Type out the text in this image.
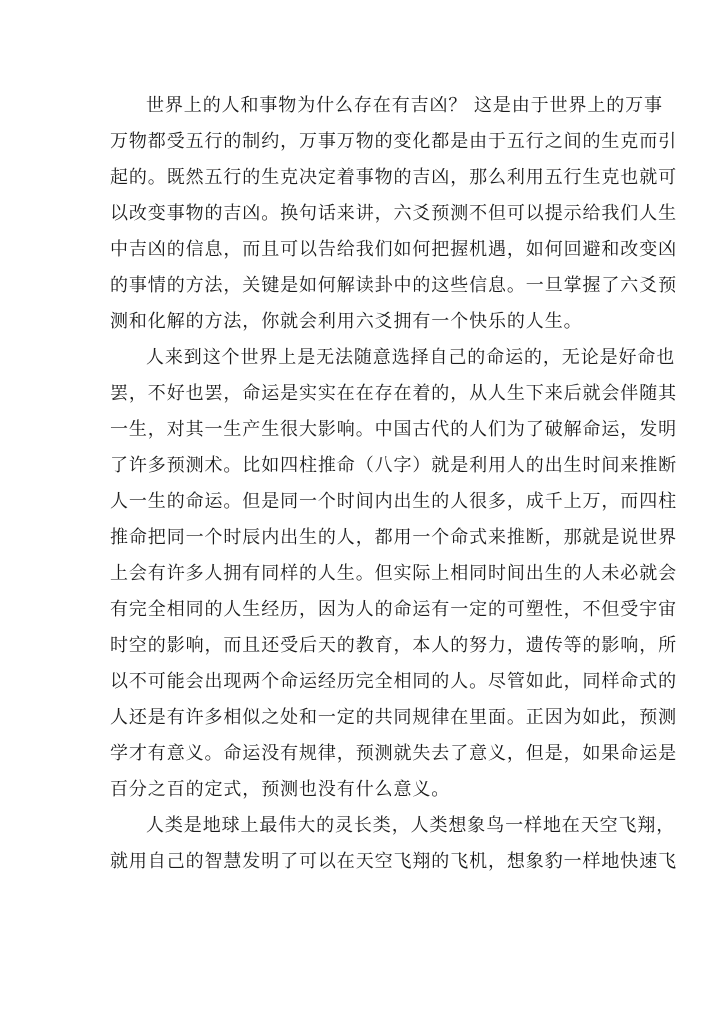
世界上的人和事物为什么存在有吉凶？ 这是由于世界上的万事
万物都受五行的制约，万事万物的变化都是由于五行之间的生克而引
起的。既然五行的生克决定着事物的吉凶，那么利用五行生克也就可
以改变事物的吉凶。换句话来讲，六爻预测不但可以提示给我们人生
中吉凶的信息，而且可以告给我们如何把握机遇，如何回避和改变凶
的事情的方法，关键是如何解读卦中的这些信息。一旦掌握了六爻预
测和化解的方法，你就会利用六爻拥有一个快乐的人生。
人来到这个世界上是无法随意选择自己的命运的，无论是好命也
罢，不好也罢，命运是实实在在存在着的，从人生下来后就会伴随其
一生，对其一生产生很大影响。中国古代的人们为了破解命运，发明
了许多预测术。比如四柱推命（八字）就是利用人的出生时间来推断
人一生的命运。但是同一个时间内出生的人很多，成千上万，而四柱
推命把同一个时辰内出生的人，都用一个命式来推断，那就是说世界
上会有许多人拥有同样的人生。但实际上相同时间出生的人未必就会
有完全相同的人生经历，因为人的命运有一定的可塑性，不但受宇宙
时空的影响，而且还受后天的教育，本人的努力，遗传等的影响，所
以不可能会出现两个命运经历完全相同的人。尽管如此，同样命式的
人还是有许多相似之处和一定的共同规律在里面。正因为如此，预测
学才有意义。命运没有规律，预测就失去了意义，但是，如果命运是
百分之百的定式，预测也没有什么意义。
人类是地球上最伟大的灵长类，人类想象鸟一样地在天空飞翔，
就用自己的智慧发明了可以在天空飞翔的飞机，想象豹一样地快速飞
